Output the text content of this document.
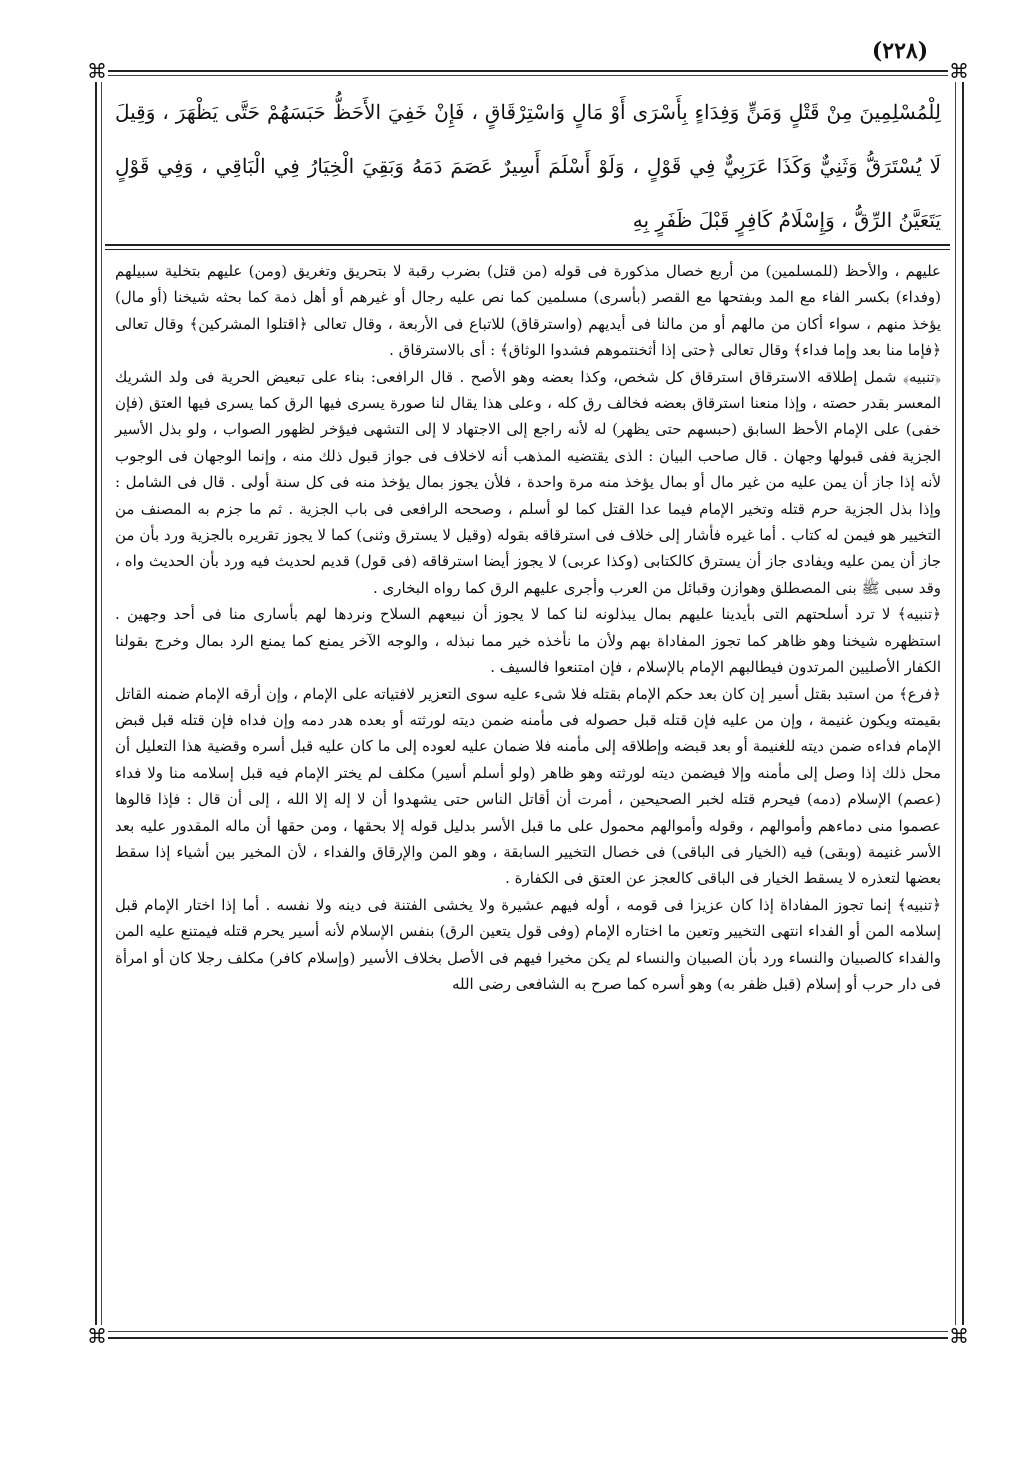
(٢٢٨)
⌘	⌘
⌘	⌘
لِلْمُسْلِمِينَ مِنْ قَتْلٍ وَمَنٍّ وَفِدَاءٍ بِأَسْرَى أَوْ مَالٍ وَاسْتِرْقَاقٍ ، فَإِنْ خَفِيَ الأَحَظُّ حَبَسَهُمْ حَتَّى يَظْهَرَ ، وَقِيلَ لَا يُسْتَرَقُّ وَثَنِيٌّ وَكَذَا عَرَبِيٌّ فِي قَوْلٍ ، وَلَوْ أَسْلَمَ أَسِيرٌ عَصَمَ دَمَهُ وَبَقِيَ الْخِيَارُ فِي الْبَاقِي ، وَفِي قَوْلٍ يَتَعَيَّنُ الرِّقُّ ، وَإِسْلَامُ كَافِرٍ قَبْلَ ظَفَرٍ بِهِ

عليهم ، والأحظ (للمسلمين) من أربع خصال مذكورة فى قوله (من قتل) بضرب رقبة لا بتحريق وتغريق (ومن) عليهم بتخلية سبيلهم (وفداء) بكسر الفاء مع المد وبفتحها مع القصر (بأسرى) مسلمين كما نص عليه رجال أو غيرهم أو أهل ذمة كما بحثه شيخنا (أو مال) يؤخذ منهم ، سواء أكان من مالهم أو من مالنا فى أيديهم (واسترقاق) للاتباع فى الأربعة ، وقال تعالى ﴿اقتلوا المشركين﴾ وقال تعالى ﴿فإما منا بعد وإما فداء﴾ وقال تعالى ﴿حتى إذا أثخنتموهم فشدوا الوثاق﴾ : أى بالاسترقاق .

﴿تنبيه﴾ شمل إطلاقه الاسترقاق استرقاق كل شخص، وكذا بعضه وهو الأصح . قال الرافعى: بناء على تبعيض الحرية فى ولد الشريك المعسر بقدر حصته ، وإذا منعنا استرقاق بعضه فخالف رق كله ، وعلى هذا يقال لنا صورة يسرى فيها الرق كما يسرى فيها العتق (فإن خفى) على الإمام الأحظ السابق (حبسهم حتى يظهر) له لأنه راجع إلى الاجتهاد لا إلى التشهى فيؤخر لظهور الصواب ، ولو بذل الأسير الجزية ففى قبولها وجهان . قال صاحب البيان : الذى يقتضيه المذهب أنه لاخلاف فى جواز قبول ذلك منه ، وإنما الوجهان فى الوجوب لأنه إذا جاز أن يمن عليه من غير مال أو بمال يؤخذ منه مرة واحدة ، فلأن يجوز بمال يؤخذ منه فى كل سنة أولى . قال فى الشامل : وإذا بذل الجزية حرم قتله وتخير الإمام فيما عدا القتل كما لو أسلم ، وصححه الرافعى فى باب الجزية . ثم ما جزم به المصنف من التخيير هو فيمن له كتاب . أما غيره فأشار إلى خلاف فى استرقاقه بقوله (وقيل لا يسترق وثنى) كما لا يجوز تقريره بالجزية ورد بأن من جاز أن يمن عليه ويفادى جاز أن يسترق كالكتابى (وكذا عربى) لا يجوز أيضا استرقاقه (فى قول) قديم لحديث فيه ورد بأن الحديث واه ، وقد سبى ﷺ بنى المصطلق وهوازن وقبائل من العرب وأجرى عليهم الرق كما رواه البخارى .

﴿تنبيه﴾ لا ترد أسلحتهم التى بأيدينا عليهم بمال يبذلونه لنا كما لا يجوز أن نبيعهم السلاح ونردها لهم بأسارى منا فى أحد وجهين . استظهره شيخنا وهو ظاهر كما تجوز المفاداة بهم ولأن ما نأخذه خير مما نبذله ، والوجه الآخر يمنع كما يمنع الرد بمال وخرج بقولنا الكفار الأصليين المرتدون فيطالبهم الإمام بالإسلام ، فإن امتنعوا فالسيف .

﴿فرع﴾ من استبد بقتل أسير إن كان بعد حكم الإمام بقتله فلا شىء عليه سوى التعزير لافتياته على الإمام ، وإن أرقه الإمام ضمنه القاتل بقيمته ويكون غنيمة ، وإن من عليه فإن قتله قبل حصوله فى مأمنه ضمن ديته لورثته أو بعده هدر دمه وإن فداه فإن قتله قبل قبض الإمام فداءه ضمن ديته للغنيمة أو بعد قبضه وإطلاقه إلى مأمنه فلا ضمان عليه لعوده إلى ما كان عليه قبل أسره وقضية هذا التعليل أن محل ذلك إذا وصل إلى مأمنه وإلا فيضمن ديته لورثته وهو ظاهر (ولو أسلم أسير) مكلف لم يختر الإمام فيه قبل إسلامه منا ولا فداء (عصم) الإسلام (دمه) فيحرم قتله لخبر الصحيحين ، أمرت أن أقاتل الناس حتى يشهدوا أن لا إله إلا الله ، إلى أن قال : فإذا قالوها عصموا منى دماءهم وأموالهم ، وقوله وأموالهم محمول على ما قبل الأسر بدليل قوله إلا بحقها ، ومن حقها أن ماله المقدور عليه بعد الأسر غنيمة (وبقى) فيه (الخيار فى الباقى) فى خصال التخيير السابقة ، وهو المن والإرقاق والفداء ، لأن المخير بين أشياء إذا سقط بعضها لتعذره لا يسقط الخيار فى الباقى كالعجز عن العتق فى الكفارة .

﴿تنبيه﴾ إنما تجوز المفاداة إذا كان عزيزا فى قومه ، أوله فيهم عشيرة ولا يخشى الفتنة فى دينه ولا نفسه . أما إذا اختار الإمام قبل إسلامه المن أو الفداء انتهى التخيير وتعين ما اختاره الإمام (وفى قول يتعين الرق) بنفس الإسلام لأنه أسير يحرم قتله فيمتنع عليه المن والفداء كالصبيان والنساء ورد بأن الصبيان والنساء لم يكن مخيرا فيهم فى الأصل بخلاف الأسير (وإسلام كافر) مكلف رجلا كان أو امرأة فى دار حرب أو إسلام (قبل ظفر به) وهو أسره كما صرح به الشافعى رضى الله
